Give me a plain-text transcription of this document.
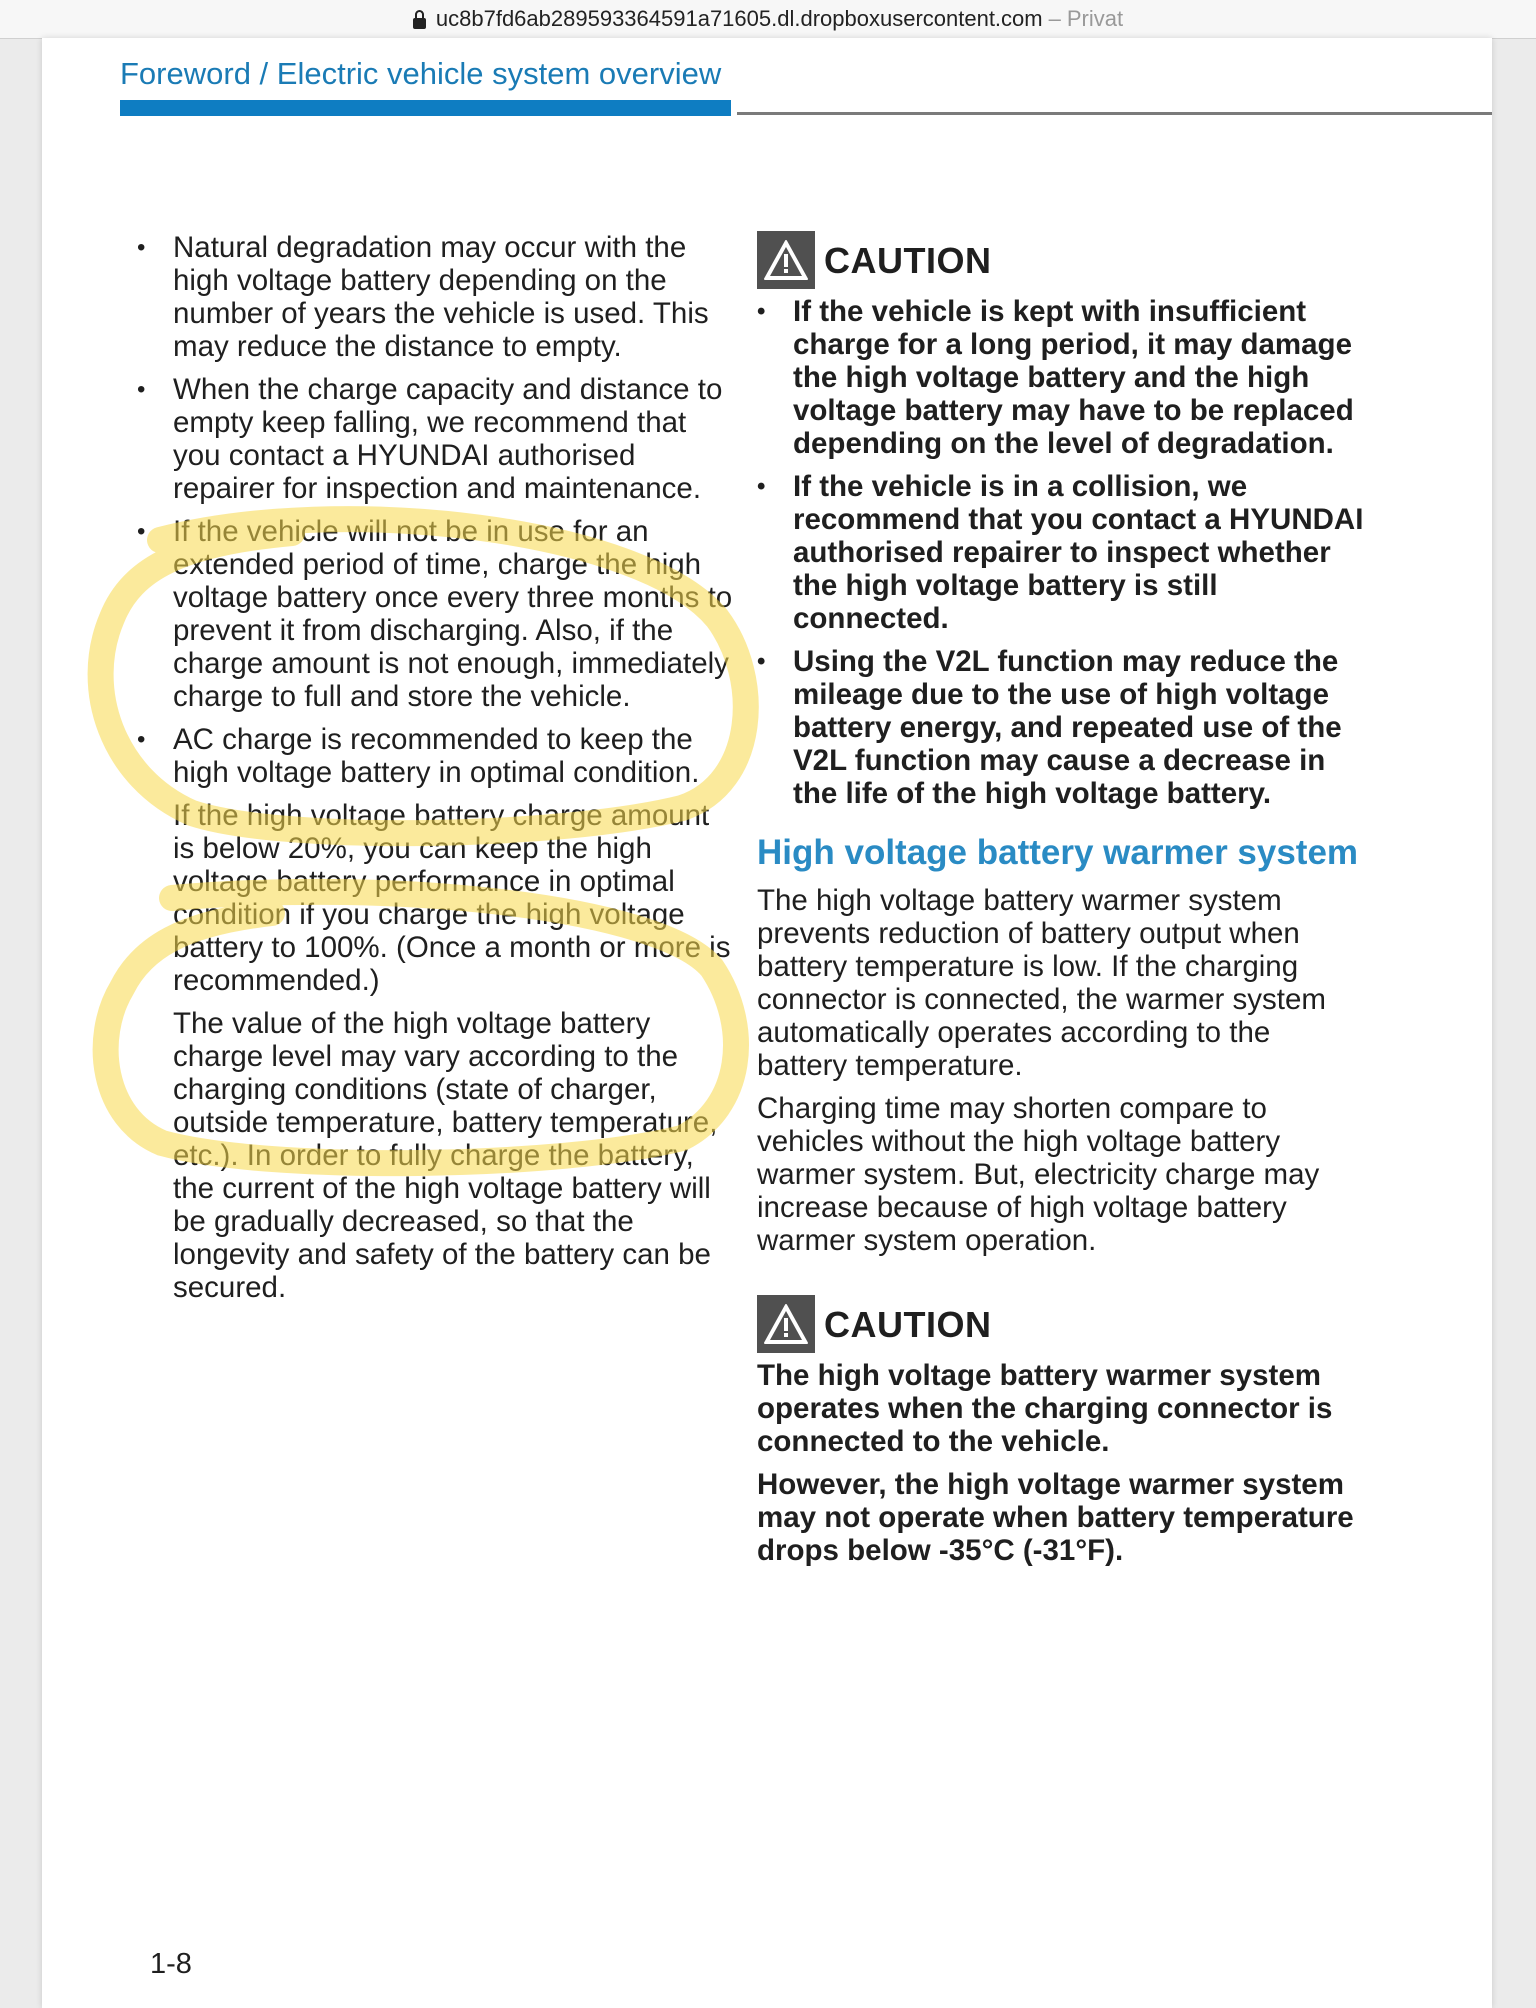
uc8b7fd6ab289593364591a71605.dl.dropboxusercontent.com – Privat
Foreword / Electric vehicle system overview
• Natural degradation may occur with the high voltage battery depending on the number of years the vehicle is used. This may reduce the distance to empty.
• When the charge capacity and distance to empty keep falling, we recommend that you contact a HYUNDAI authorised repairer for inspection and maintenance.
• If the vehicle will not be in use for an extended period of time, charge the high voltage battery once every three months to prevent it from discharging. Also, if the charge amount is not enough, immediately charge to full and store the vehicle.
• AC charge is recommended to keep the high voltage battery in optimal condition.

If the high voltage battery charge amount is below 20%, you can keep the high voltage battery performance in optimal condition if you charge the high voltage battery to 100%. (Once a month or more is recommended.)

The value of the high voltage battery charge level may vary according to the charging conditions (state of charger, outside temperature, battery temperature, etc.). In order to fully charge the battery, the current of the high voltage battery will be gradually decreased, so that the longevity and safety of the battery can be secured.

CAUTION
• If the vehicle is kept with insufficient charge for a long period, it may damage the high voltage battery and the high voltage battery may have to be replaced depending on the level of degradation.
• If the vehicle is in a collision, we recommend that you contact a HYUNDAI authorised repairer to inspect whether the high voltage battery is still connected.
• Using the V2L function may reduce the mileage due to the use of high voltage battery energy, and repeated use of the V2L function may cause a decrease in the life of the high voltage battery.
High voltage battery warmer system

The high voltage battery warmer system prevents reduction of battery output when battery temperature is low. If the charging connector is connected, the warmer system automatically operates according to the battery temperature.

Charging time may shorten compare to vehicles without the high voltage battery warmer system. But, electricity charge may increase because of high voltage battery warmer system operation.

CAUTION

The high voltage battery warmer system operates when the charging connector is connected to the vehicle.

However, the high voltage warmer system may not operate when battery temperature drops below -35°C (-31°F).

1-8
